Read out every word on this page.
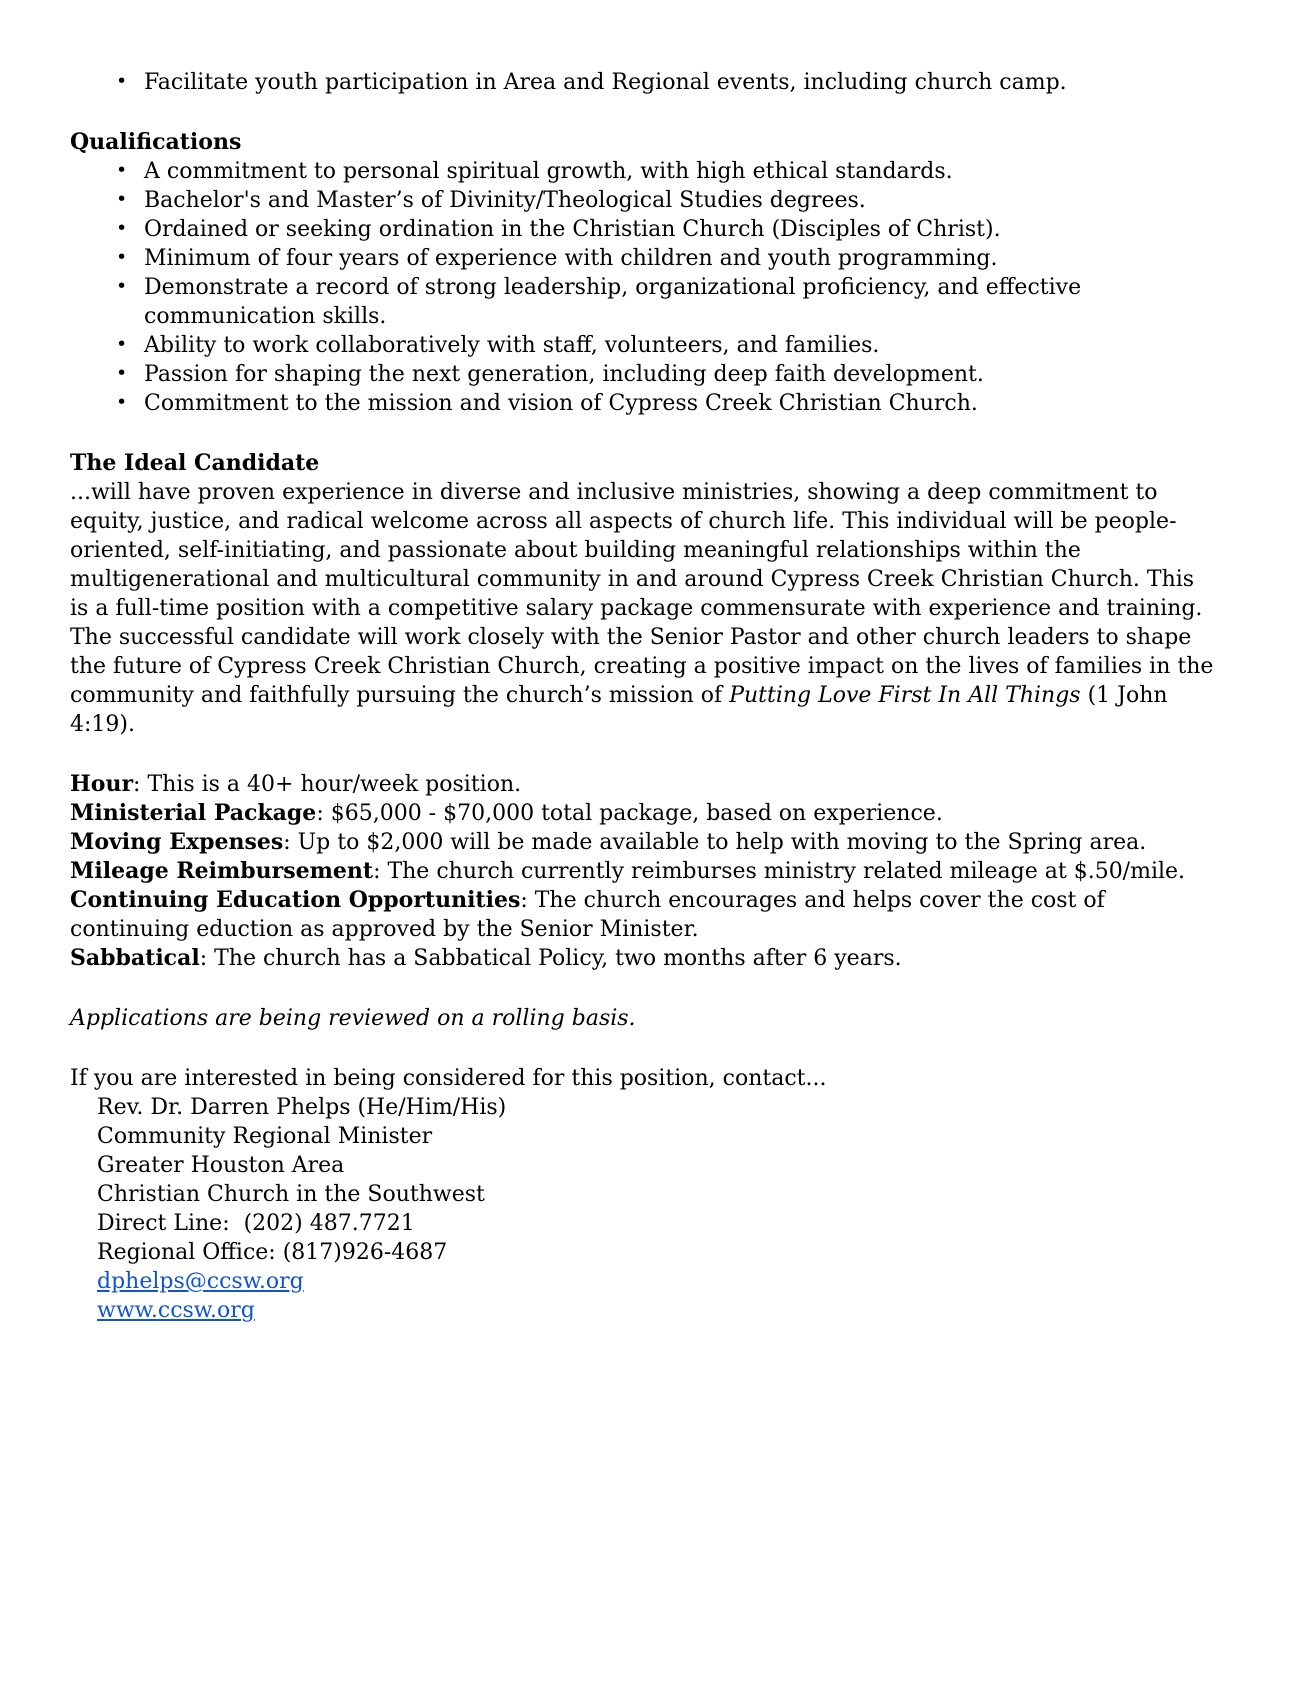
• Facilitate youth participation in Area and Regional events, including church camp.
Qualifications
• A commitment to personal spiritual growth, with high ethical standards.
• Bachelor's and Master’s of Divinity/Theological Studies degrees.
• Ordained or seeking ordination in the Christian Church (Disciples of Christ).
• Minimum of four years of experience with children and youth programming.
• Demonstrate a record of strong leadership, organizational proficiency, and effective communication skills.
• Ability to work collaboratively with staff, volunteers, and families.
• Passion for shaping the next generation, including deep faith development.
• Commitment to the mission and vision of Cypress Creek Christian Church.
The Ideal Candidate

...will have proven experience in diverse and inclusive ministries, showing a deep commitment to equity, justice, and radical welcome across all aspects of church life. This individual will be people-oriented, self-initiating, and passionate about building meaningful relationships within the multigenerational and multicultural community in and around Cypress Creek Christian Church. This is a full-time position with a competitive salary package commensurate with experience and training. The successful candidate will work closely with the Senior Pastor and other church leaders to shape the future of Cypress Creek Christian Church, creating a positive impact on the lives of families in the community and faithfully pursuing the church’s mission of Putting Love First In All Things (1 John 4:19).

Hour: This is a 40+ hour/week position.
Ministerial Package: $65,000 - $70,000 total package, based on experience.
Moving Expenses: Up to $2,000 will be made available to help with moving to the Spring area.
Mileage Reimbursement: The church currently reimburses ministry related mileage at $.50/mile.
Continuing Education Opportunities: The church encourages and helps cover the cost of continuing eduction as approved by the Senior Minister.
Sabbatical: The church has a Sabbatical Policy, two months after 6 years.

Applications are being reviewed on a rolling basis.

If you are interested in being considered for this position, contact...

Rev. Dr. Darren Phelps (He/Him/His)
Community Regional Minister
Greater Houston Area
Christian Church in the Southwest
Direct Line:  (202) 487.7721
Regional Office: (817)926-4687
dphelps@ccsw.org
www.ccsw.org
